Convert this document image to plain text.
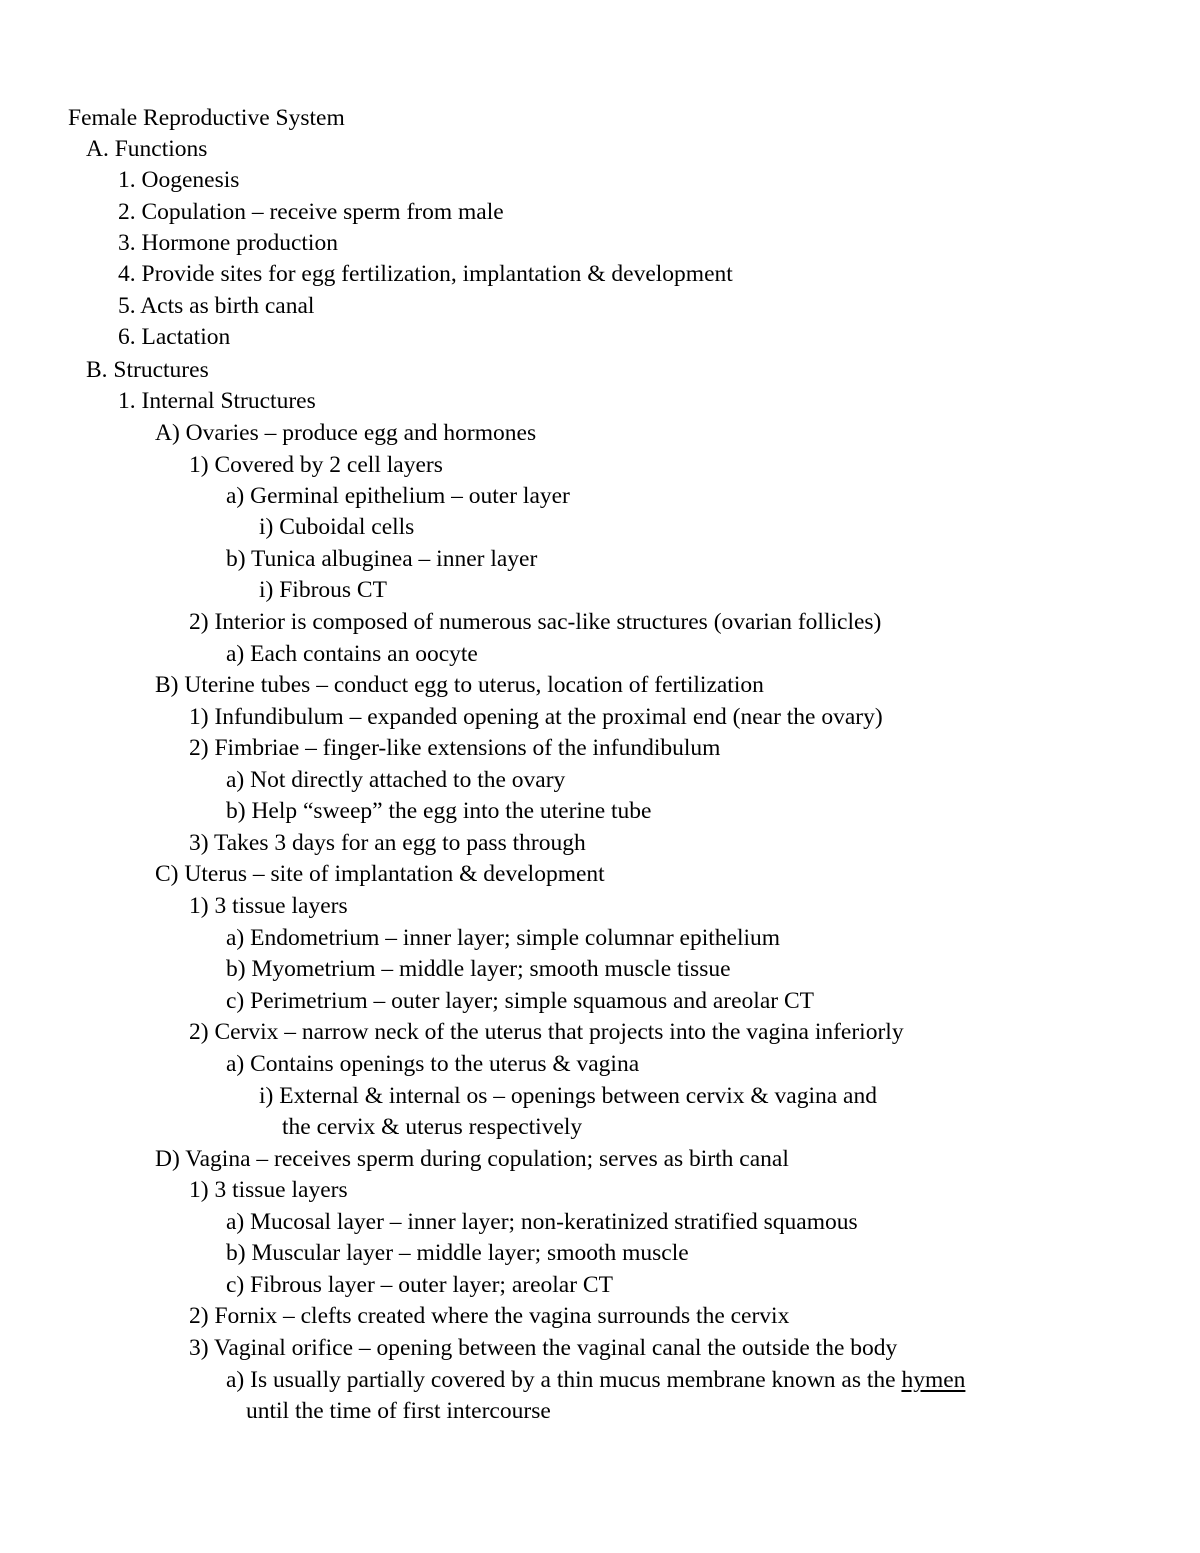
Female Reproductive System
A. Functions
1. Oogenesis
2. Copulation – receive sperm from male
3. Hormone production
4. Provide sites for egg fertilization, implantation & development
5. Acts as birth canal
6. Lactation
B. Structures
1. Internal Structures
A) Ovaries – produce egg and hormones
1) Covered by 2 cell layers
a) Germinal epithelium – outer layer
i) Cuboidal cells
b) Tunica albuginea – inner layer
i) Fibrous CT
2) Interior is composed of numerous sac-like structures (ovarian follicles)
a) Each contains an oocyte
B) Uterine tubes – conduct egg to uterus, location of fertilization
1) Infundibulum – expanded opening at the proximal end (near the ovary)
2) Fimbriae – finger-like extensions of the infundibulum
a) Not directly attached to the ovary
b) Help “sweep” the egg into the uterine tube
3) Takes 3 days for an egg to pass through
C) Uterus – site of implantation & development
1) 3 tissue layers
a) Endometrium – inner layer; simple columnar epithelium
b) Myometrium – middle layer; smooth muscle tissue
c) Perimetrium – outer layer; simple squamous and areolar CT
2) Cervix – narrow neck of the uterus that projects into the vagina inferiorly
a) Contains openings to the uterus & vagina
i) External & internal os – openings between cervix & vagina and
the cervix & uterus respectively
D) Vagina – receives sperm during copulation; serves as birth canal
1) 3 tissue layers
a) Mucosal layer – inner layer; non-keratinized stratified squamous
b) Muscular layer – middle layer; smooth muscle
c) Fibrous layer – outer layer; areolar CT
2) Fornix – clefts created where the vagina surrounds the cervix
3) Vaginal orifice – opening between the vaginal canal the outside the body
a) Is usually partially covered by a thin mucus membrane known as the hymen
until the time of first intercourse
